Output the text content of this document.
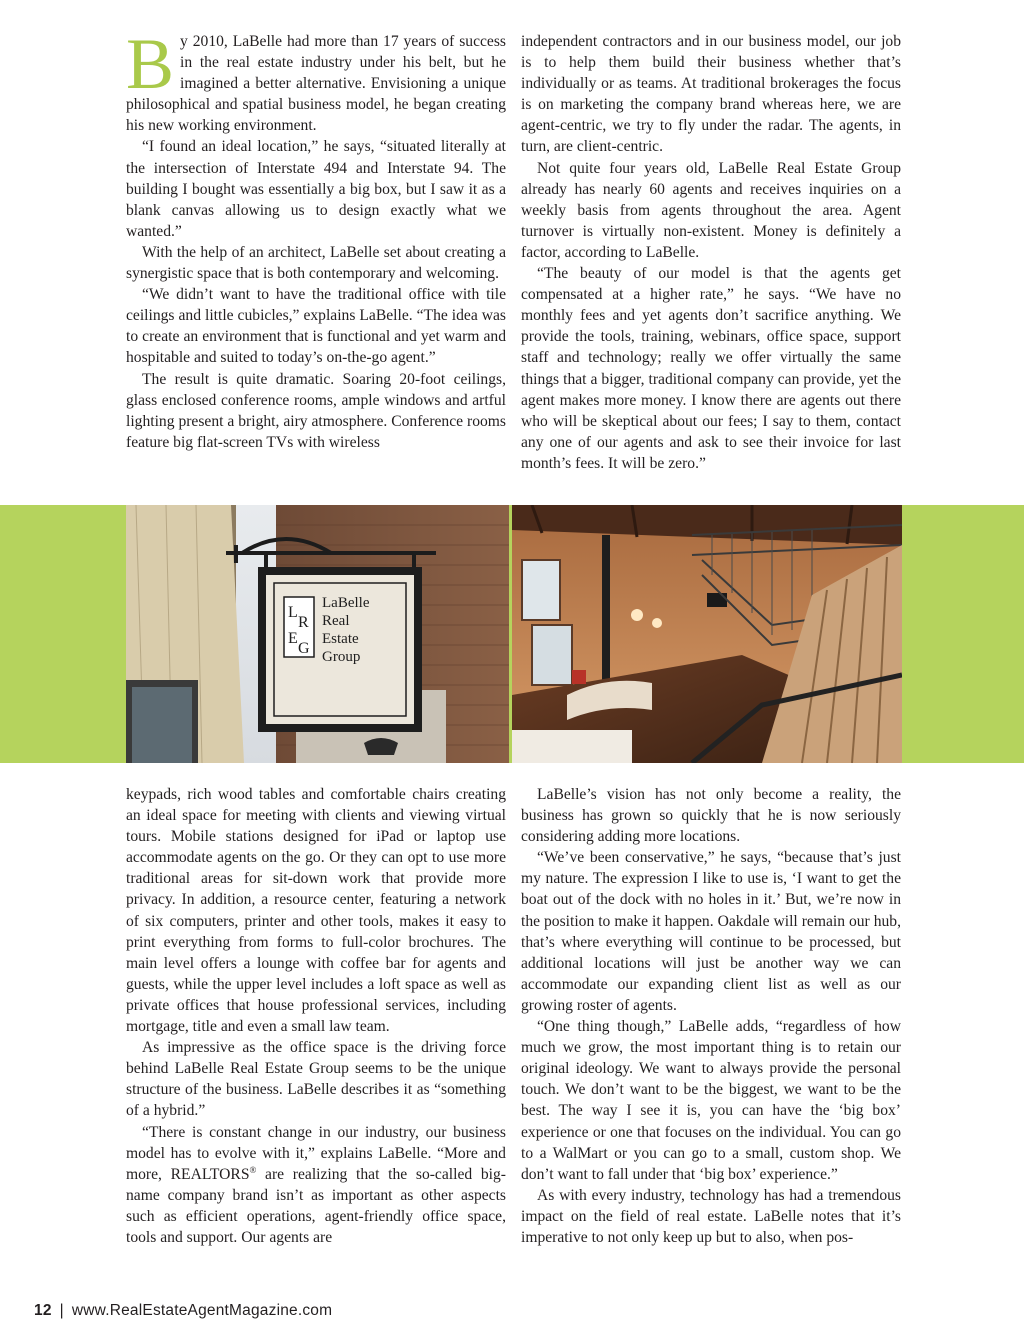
By 2010, LaBelle had more than 17 years of success in the real estate industry under his belt, but he imagined a better alternative. Envisioning a unique philosophical and spatial business model, he began creating his new working environment.

“I found an ideal location,” he says, “situated literally at the intersection of Interstate 494 and Interstate 94. The building I bought was essentially a big box, but I saw it as a blank canvas allowing us to design exactly what we wanted.”

With the help of an architect, LaBelle set about creating a synergistic space that is both contemporary and welcoming.

“We didn’t want to have the traditional office with tile ceilings and little cubicles,” explains LaBelle. “The idea was to create an environment that is functional and yet warm and hospitable and suited to today’s on-the-go agent.”

The result is quite dramatic. Soaring 20-foot ceilings, glass enclosed conference rooms, ample windows and artful lighting present a bright, airy atmosphere. Conference rooms feature big flat-screen TVs with wireless

independent contractors and in our business model, our job is to help them build their business whether that’s individually or as teams. At traditional brokerages the focus is on marketing the company brand whereas here, we are agent-centric, we try to fly under the radar. The agents, in turn, are client-centric.

Not quite four years old, LaBelle Real Estate Group already has nearly 60 agents and receives inquiries on a weekly basis from agents throughout the area. Agent turnover is virtually non-existent. Money is definitely a factor, according to LaBelle.

“The beauty of our model is that the agents get compensated at a higher rate,” he says. “We have no monthly fees and yet agents don’t sacrifice anything. We provide the tools, training, webinars, office space, support staff and technology; really we offer virtually the same things that a bigger, traditional company can provide, yet the agent makes more money. I know there are agents out there who will be skeptical about our fees; I say to them, contact any one of our agents and ask to see their invoice for last month’s fees. It will be zero.”

L
R
E
G
LaBelle
Real
Estate
Group

keypads, rich wood tables and comfortable chairs creating an ideal space for meeting with clients and viewing virtual tours. Mobile stations designed for iPad or laptop use accommodate agents on the go. Or they can opt to use more traditional areas for sit-down work that provide more privacy. In addition, a resource center, featuring a network of six computers, printer and other tools, makes it easy to print everything from forms to full-color brochures. The main level offers a lounge with coffee bar for agents and guests, while the upper level includes a loft space as well as private offices that house professional services, including mortgage, title and even a small law team.

As impressive as the office space is the driving force behind LaBelle Real Estate Group seems to be the unique structure of the business. LaBelle describes it as “something of a hybrid.”

“There is constant change in our industry, our business model has to evolve with it,” explains LaBelle. “More and more, REALTORS® are realizing that the so-called big-name company brand isn’t as important as other aspects such as efficient operations, agent-friendly office space, tools and support. Our agents are

LaBelle’s vision has not only become a reality, the business has grown so quickly that he is now seriously considering adding more locations.

“We’ve been conservative,” he says, “because that’s just my nature. The expression I like to use is, ‘I want to get the boat out of the dock with no holes in it.’ But, we’re now in the position to make it happen. Oakdale will remain our hub, that’s where everything will continue to be processed, but additional locations will just be another way we can accommodate our expanding client list as well as our growing roster of agents.

“One thing though,” LaBelle adds, “regardless of how much we grow, the most important thing is to retain our original ideology. We want to always provide the personal touch. We don’t want to be the biggest, we want to be the best. The way I see it is, you can have the ‘big box’ experience or one that focuses on the individual. You can go to a WalMart or you can go to a small, custom shop. We don’t want to fall under that ‘big box’ experience.”

As with every industry, technology has had a tremendous impact on the field of real estate. LaBelle notes that it’s imperative to not only keep up but to also, when pos-

12 | www.RealEstateAgentMagazine.com
